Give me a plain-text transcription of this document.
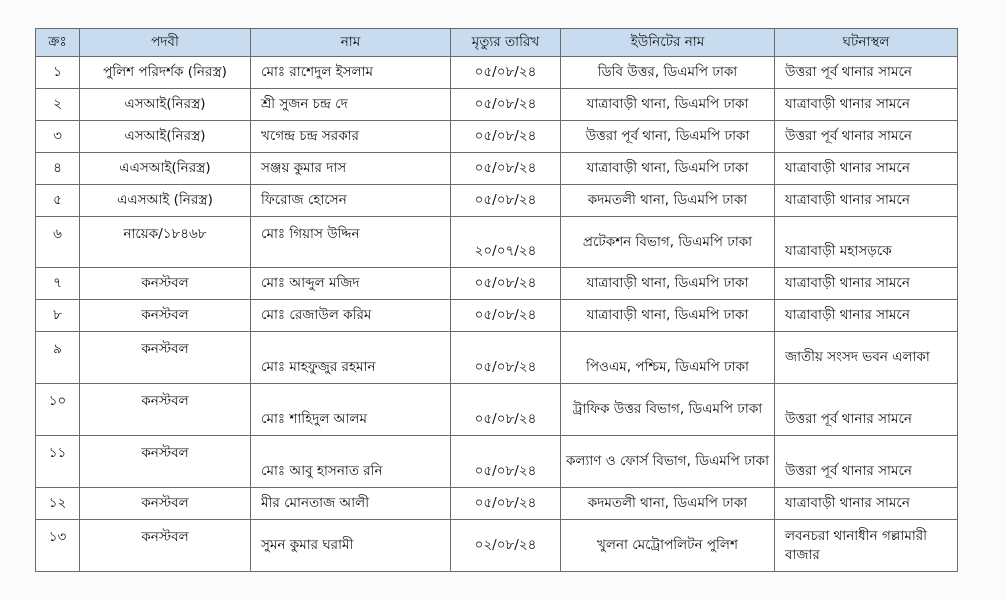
ক্রঃ	পদবী	নাম	মৃত্যুর তারিখ	ইউনিটের নাম	ঘটনাস্থল
১	পুলিশ পরিদর্শক (নিরস্ত্র)	মোঃ রাশেদুল ইসলাম	০৫/০৮/২৪	ডিবি উত্তর, ডিএমপি ঢাকা	উত্তরা পূর্ব থানার সামনে
২	এসআই(নিরস্ত্র)	শ্রী সুজন চন্দ্র দে	০৫/০৮/২৪	যাত্রাবাড়ী থানা, ডিএমপি ঢাকা	যাত্রাবাড়ী থানার সামনে
৩	এসআই(নিরস্ত্র)	খগেন্দ্র চন্দ্র সরকার	০৫/০৮/২৪	উত্তরা পূর্ব থানা, ডিএমপি ঢাকা	উত্তরা পূর্ব থানার সামনে
৪	এএসআই(নিরস্ত্র)	সঞ্জয় কুমার দাস	০৫/০৮/২৪	যাত্রাবাড়ী থানা, ডিএমপি ঢাকা	যাত্রাবাড়ী থানার সামনে
৫	এএসআই (নিরস্ত্র)	ফিরোজ হোসেন	০৫/০৮/২৪	কদমতলী থানা, ডিএমপি ঢাকা	যাত্রাবাড়ী থানার সামনে
৬	নায়েক/১৮৪৬৮	মোঃ গিয়াস উদ্দিন	২০/০৭/২৪	প্রটেকশন বিভাগ, ডিএমপি ঢাকা	যাত্রাবাড়ী মহাসড়কে
৭	কনস্টবল	মোঃ আব্দুল মজিদ	০৫/০৮/২৪	যাত্রাবাড়ী থানা, ডিএমপি ঢাকা	যাত্রাবাড়ী থানার সামনে
৮	কনস্টবল	মোঃ রেজাউল করিম	০৫/০৮/২৪	যাত্রাবাড়ী থানা, ডিএমপি ঢাকা	যাত্রাবাড়ী থানার সামনে
৯	কনস্টবল	মোঃ মাহফুজুর রহমান	০৫/০৮/২৪	পিওএম, পশ্চিম, ডিএমপি ঢাকা	জাতীয় সংসদ ভবন এলাকা
১০	কনস্টবল	মোঃ শাহিদুল আলম	০৫/০৮/২৪	ট্রাফিক উত্তর বিভাগ, ডিএমপি ঢাকা	উত্তরা পূর্ব থানার সামনে
১১	কনস্টবল	মোঃ আবু হাসনাত রনি	০৫/০৮/২৪	কল্যাণ ও ফোর্স বিভাগ, ডিএমপি ঢাকা	উত্তরা পূর্ব থানার সামনে
১২	কনস্টবল	মীর মোনতাজ আলী	০৫/০৮/২৪	কদমতলী থানা, ডিএমপি ঢাকা	যাত্রাবাড়ী থানার সামনে
১৩	কনস্টবল	সুমন কুমার ঘরামী	০২/০৮/২৪	খুলনা মেট্রোপলিটন পুলিশ	লবনচরা থানাধীন গল্লামারী বাজার
